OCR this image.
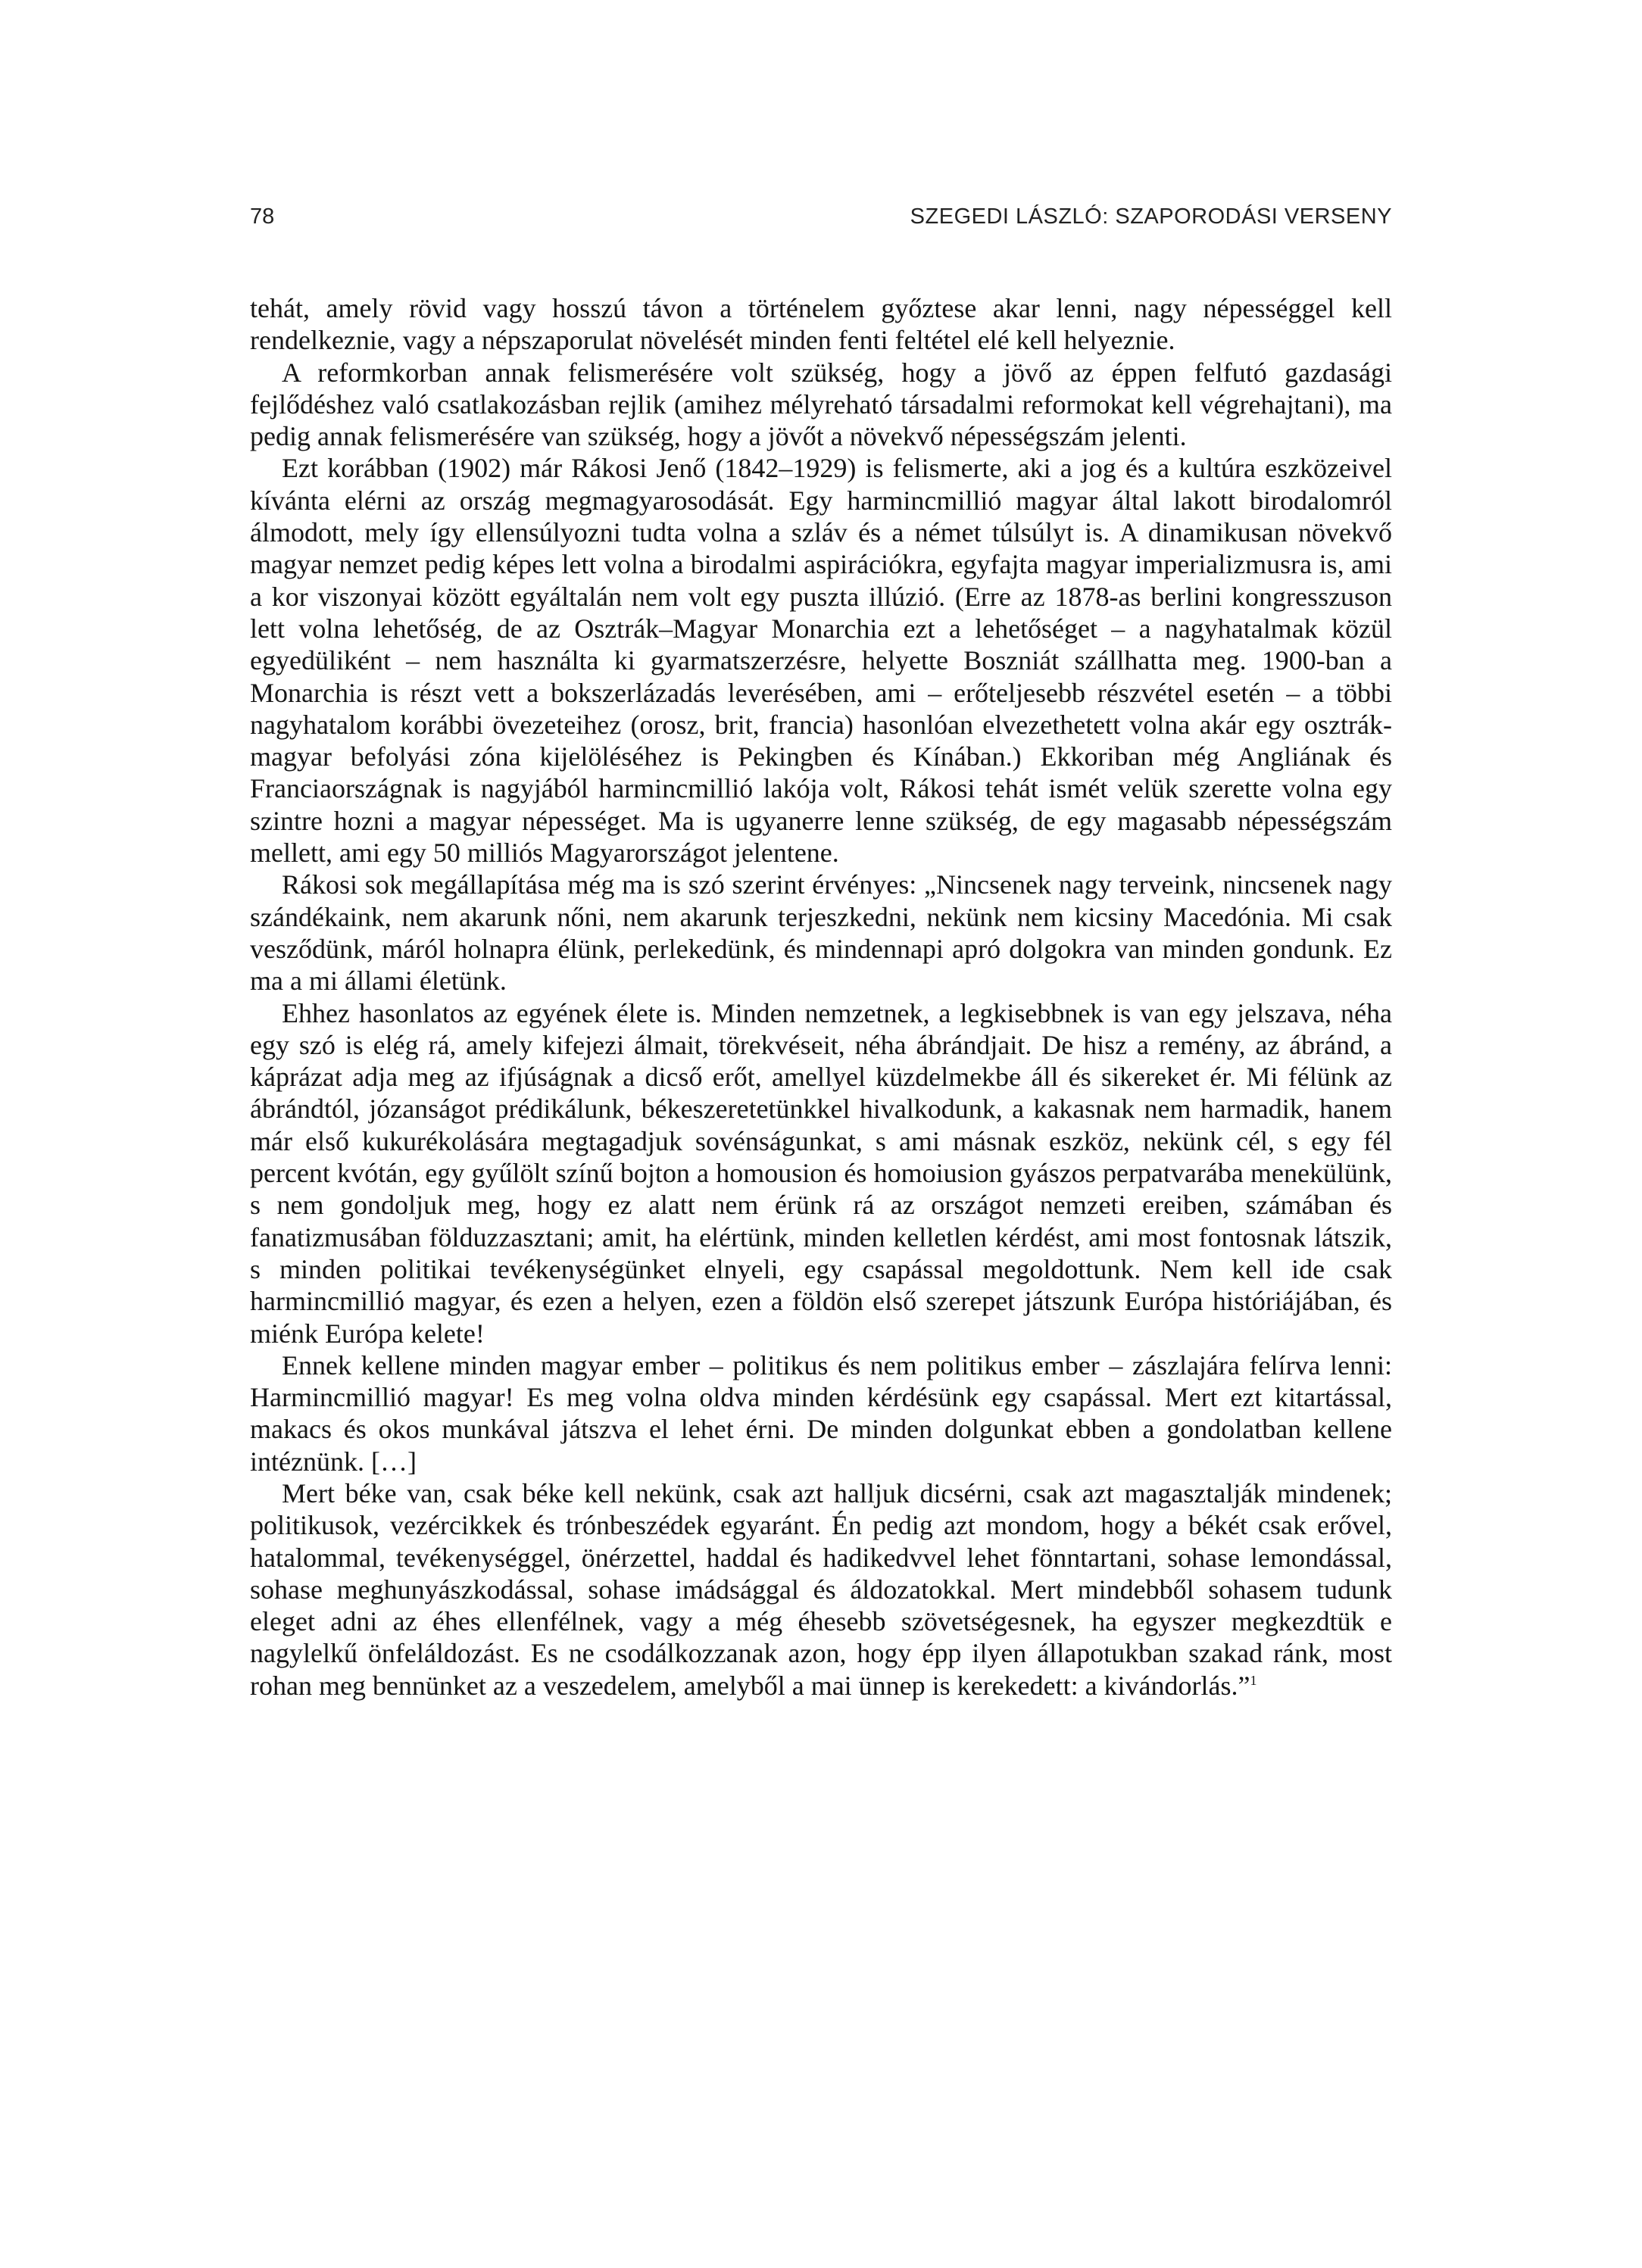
78	SZEGEDI LÁSZLÓ: SZAPORODÁSI VERSENY

tehát, amely rövid vagy hosszú távon a történelem győztese akar lenni, nagy népességgel kell rendelkeznie, vagy a népszaporulat növelését minden fenti feltétel elé kell helyeznie.

A reformkorban annak felismerésére volt szükség, hogy a jövő az éppen felfutó gazdasági fejlődéshez való csatlakozásban rejlik (amihez mélyreható társadalmi reformokat kell végrehajtani), ma pedig annak felismerésére van szükség, hogy a jövőt a növekvő népességszám jelenti.

Ezt korábban (1902) már Rákosi Jenő (1842–1929) is felismerte, aki a jog és a kultúra eszközeivel kívánta elérni az ország megmagyarosodását. Egy harmincmillió magyar által lakott birodalomról álmodott, mely így ellensúlyozni tudta volna a szláv és a német túlsúlyt is. A dinamikusan növekvő magyar nemzet pedig képes lett volna a birodalmi aspirációkra, egyfajta magyar imperializmusra is, ami a kor viszonyai között egyáltalán nem volt egy puszta illúzió. (Erre az 1878-as berlini kongresszuson lett volna lehetőség, de az Osztrák–Magyar Monarchia ezt a lehetőséget – a nagyhatalmak közül egyedüliként – nem használta ki gyarmatszerzésre, helyette Boszniát szállhatta meg. 1900-ban a Monarchia is részt vett a bokszerlázadás leverésében, ami – erőteljesebb részvétel esetén – a többi nagyhatalom korábbi övezeteihez (orosz, brit, francia) hasonlóan elvezethetett volna akár egy osztrák-magyar befolyási zóna kijelöléséhez is Pekingben és Kínában.) Ekkoriban még Angliának és Franciaországnak is nagyjából harmincmillió lakója volt, Rákosi tehát ismét velük szerette volna egy szintre hozni a magyar népességet. Ma is ugyanerre lenne szükség, de egy magasabb népességszám mellett, ami egy 50 milliós Magyarországot jelentene.

Rákosi sok megállapítása még ma is szó szerint érvényes: „Nincsenek nagy terveink, nincsenek nagy szándékaink, nem akarunk nőni, nem akarunk terjeszkedni, nekünk nem kicsiny Macedónia. Mi csak vesződünk, máról holnapra élünk, perlekedünk, és mindennapi apró dolgokra van minden gondunk. Ez ma a mi állami életünk.

Ehhez hasonlatos az egyének élete is. Minden nemzetnek, a legkisebbnek is van egy jelszava, néha egy szó is elég rá, amely kifejezi álmait, törekvéseit, néha ábrándjait. De hisz a remény, az ábránd, a káprázat adja meg az ifjúságnak a dicső erőt, amellyel küzdelmekbe áll és sikereket ér. Mi félünk az ábrándtól, józanságot prédikálunk, békeszeretetünkkel hivalkodunk, a kakasnak nem harmadik, hanem már első kukurékolására megtagadjuk sovénságunkat, s ami másnak eszköz, nekünk cél, s egy fél percent kvótán, egy gyűlölt színű bojton a homousion és homoiusion gyászos perpatvarába menekülünk, s nem gondoljuk meg, hogy ez alatt nem érünk rá az országot nemzeti ereiben, számában és fanatizmusában földuzzasztani; amit, ha elértünk, minden kelletlen kérdést, ami most fontosnak látszik, s minden politikai tevékenységünket elnyeli, egy csapással megoldottunk. Nem kell ide csak harmincmillió magyar, és ezen a helyen, ezen a földön első szerepet játszunk Európa históriájában, és miénk Európa kelete!

Ennek kellene minden magyar ember – politikus és nem politikus ember – zászlajára felírva lenni: Harmincmillió magyar! Es meg volna oldva minden kérdésünk egy csapással. Mert ezt kitartással, makacs és okos munkával játszva el lehet érni. De minden dolgunkat ebben a gondolatban kellene intéznünk. […]

Mert béke van, csak béke kell nekünk, csak azt halljuk dicsérni, csak azt magasztalják mindenek; politikusok, vezércikkek és trónbeszédek egyaránt. Én pedig azt mondom, hogy a békét csak erővel, hatalommal, tevékenységgel, önérzettel, haddal és hadikedvvel lehet fönntartani, sohase lemondással, sohase meghunyászkodással, sohase imádsággal és áldozatokkal. Mert mindebből sohasem tudunk eleget adni az éhes ellenfélnek, vagy a még éhesebb szövetségesnek, ha egyszer megkezdtük e nagylelkű önfeláldozást. Es ne csodálkozzanak azon, hogy épp ilyen állapotukban szakad ránk, most rohan meg bennünket az a veszedelem, amelyből a mai ünnep is kerekedett: a kivándorlás.”$^1$
